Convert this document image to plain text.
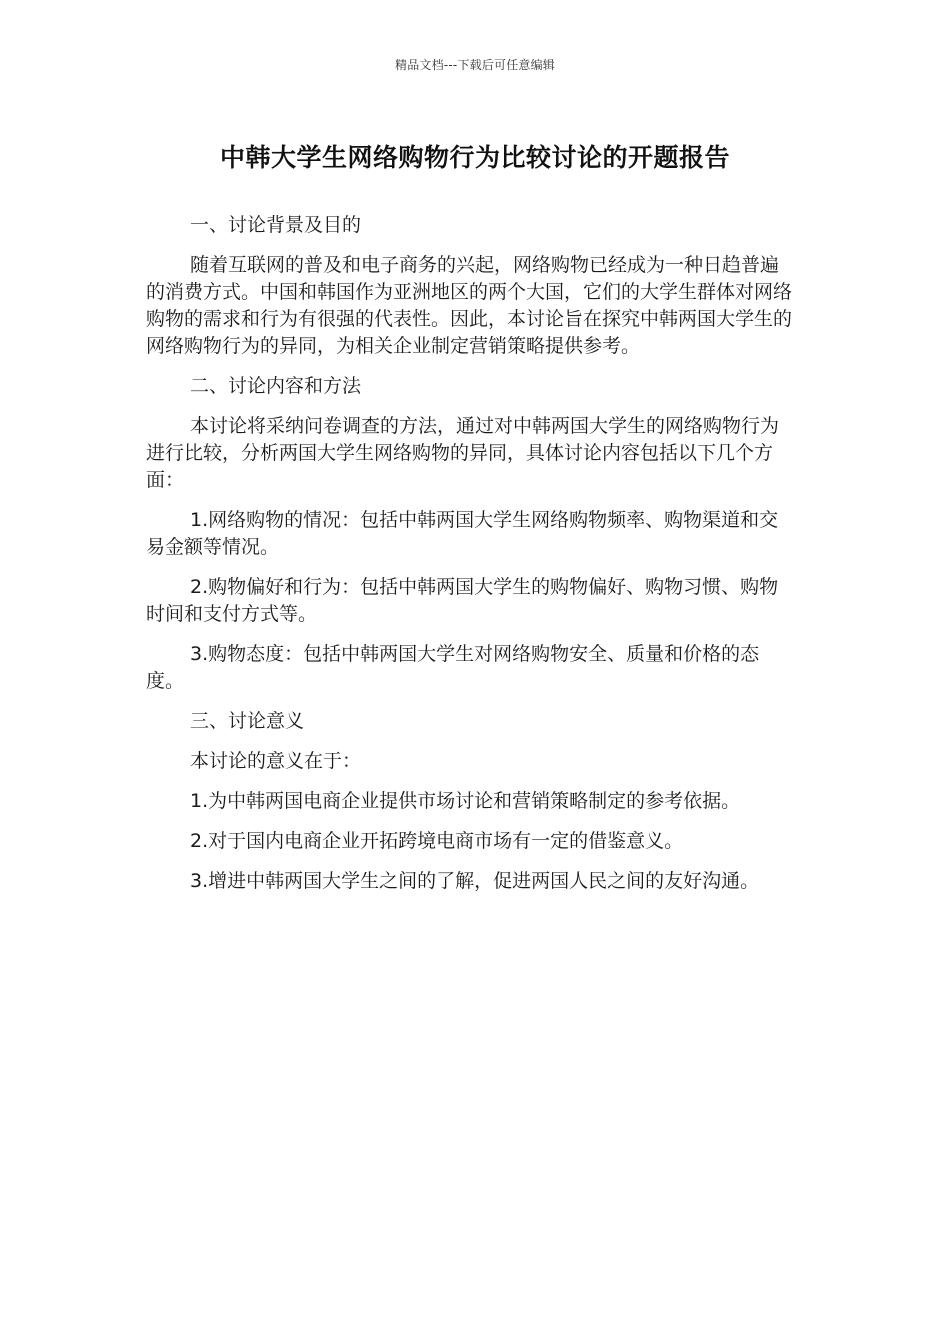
精品文档---下载后可任意编辑
中韩大学生网络购物行为比较讨论的开题报告

一、讨论背景及目的

随着互联网的普及和电子商务的兴起，网络购物已经成为一种日趋普遍的消费方式。中国和韩国作为亚洲地区的两个大国，它们的大学生群体对网络购物的需求和行为有很强的代表性。因此，本讨论旨在探究中韩两国大学生的网络购物行为的异同，为相关企业制定营销策略提供参考。

二、讨论内容和方法

本讨论将采纳问卷调查的方法，通过对中韩两国大学生的网络购物行为进行比较，分析两国大学生网络购物的异同，具体讨论内容包括以下几个方面：

1.网络购物的情况：包括中韩两国大学生网络购物频率、购物渠道和交易金额等情况。

2.购物偏好和行为：包括中韩两国大学生的购物偏好、购物习惯、购物时间和支付方式等。

3.购物态度：包括中韩两国大学生对网络购物安全、质量和价格的态度。

三、讨论意义

本讨论的意义在于：

1.为中韩两国电商企业提供市场讨论和营销策略制定的参考依据。

2.对于国内电商企业开拓跨境电商市场有一定的借鉴意义。

3.增进中韩两国大学生之间的了解，促进两国人民之间的友好沟通。
